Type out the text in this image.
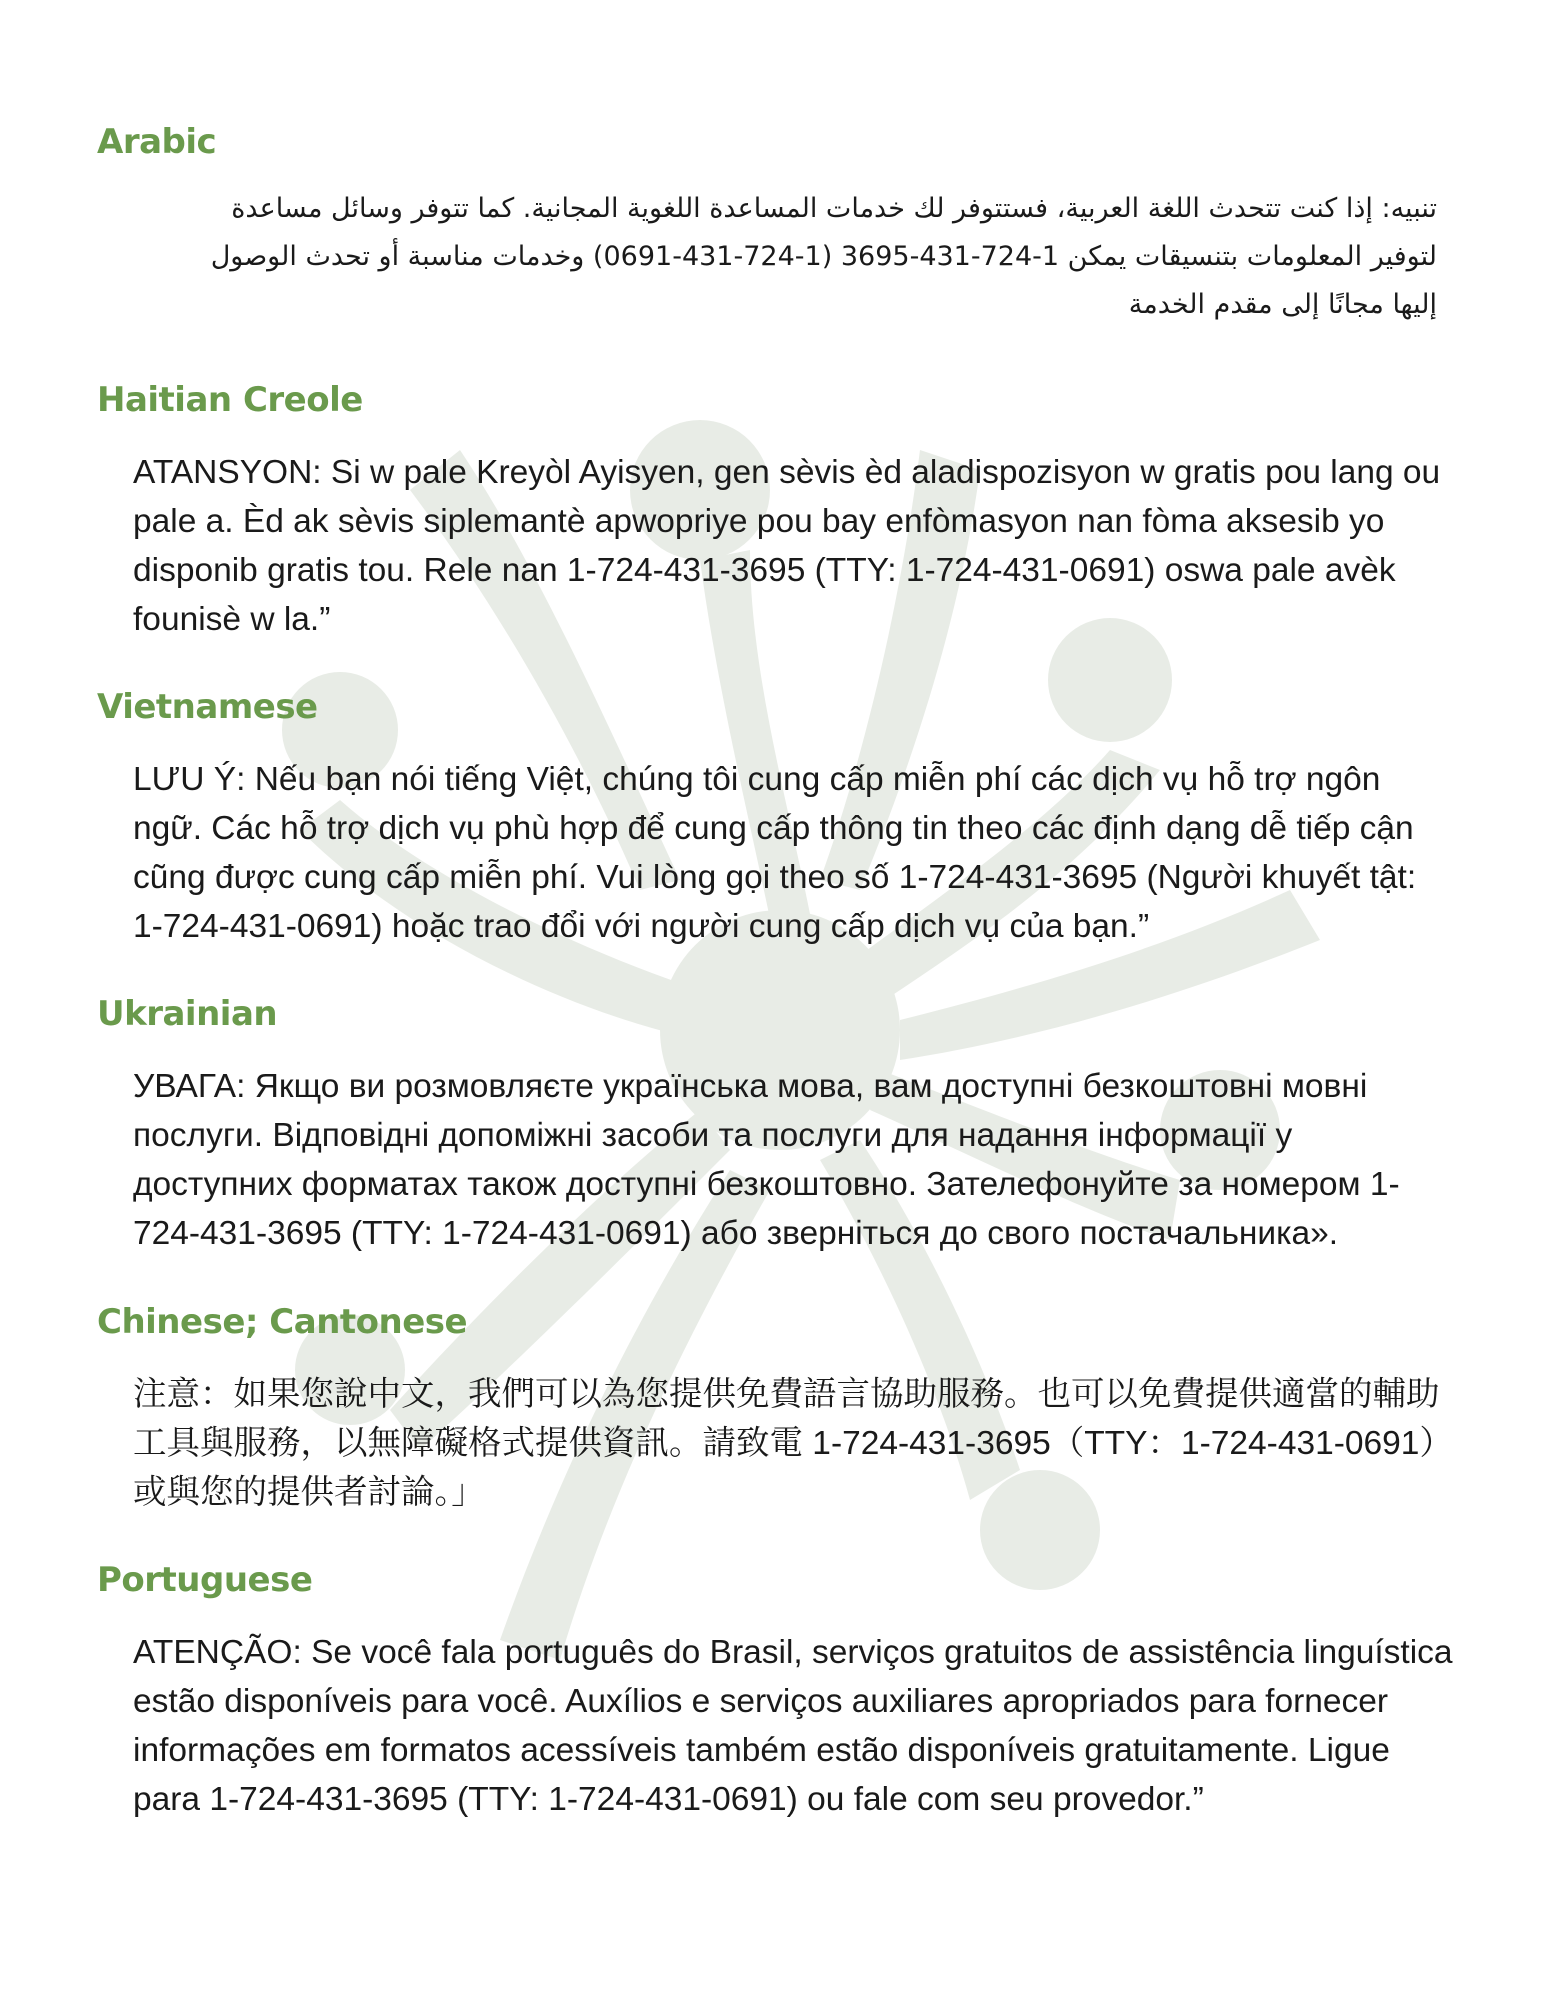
Arabic

تنبيه: إذا كنت تتحدث اللغة العربية، فستتوفر لك خدمات المساعدة اللغوية المجانية. كما تتوفر وسائل مساعدة لتوفير المعلومات بتنسيقات يمكن 1-724-431-3695 (1-724-431-0691) وخدمات مناسبة أو تحدث الوصول إليها مجانًا إلى مقدم الخدمة

Haitian Creole

ATANSYON: Si w pale Kreyòl Ayisyen, gen sèvis èd aladispozisyon w gratis pou lang ou pale a. Èd ak sèvis siplemantè apwopriye pou bay enfòmasyon nan fòma aksesib yo disponib gratis tou. Rele nan 1-724-431-3695 (TTY: 1-724-431-0691) oswa pale avèk founisè w la.”

Vietnamese

LƯU Ý: Nếu bạn nói tiếng Việt, chúng tôi cung cấp miễn phí các dịch vụ hỗ trợ ngôn ngữ. Các hỗ trợ dịch vụ phù hợp để cung cấp thông tin theo các định dạng dễ tiếp cận cũng được cung cấp miễn phí. Vui lòng gọi theo số 1-724-431-3695 (Người khuyết tật: 1-724-431-0691) hoặc trao đổi với người cung cấp dịch vụ của bạn.”

Ukrainian

УВАГА: Якщо ви розмовляєте українська мова, вам доступні безкоштовні мовні послуги. Відповідні допоміжні засоби та послуги для надання інформації у доступних форматах також доступні безкоштовно. Зателефонуйте за номером 1-724-431-3695 (TTY: 1-724-431-0691) або зверніться до свого постачальника».

Chinese; Cantonese

注意：如果您說中文，我們可以為您提供免費語言協助服務。也可以免費提供適當的輔助 工具與服務，以無障礙格式提供資訊。請致電 1-724-431-3695（TTY：1-724-431-0691）或與您的提供者討論。」

Portuguese

ATENÇÃO: Se você fala português do Brasil, serviços gratuitos de assistência linguística estão disponíveis para você. Auxílios e serviços auxiliares apropriados para fornecer informações em formatos acessíveis também estão disponíveis gratuitamente. Ligue para 1-724-431-3695 (TTY: 1-724-431-0691) ou fale com seu provedor.”
